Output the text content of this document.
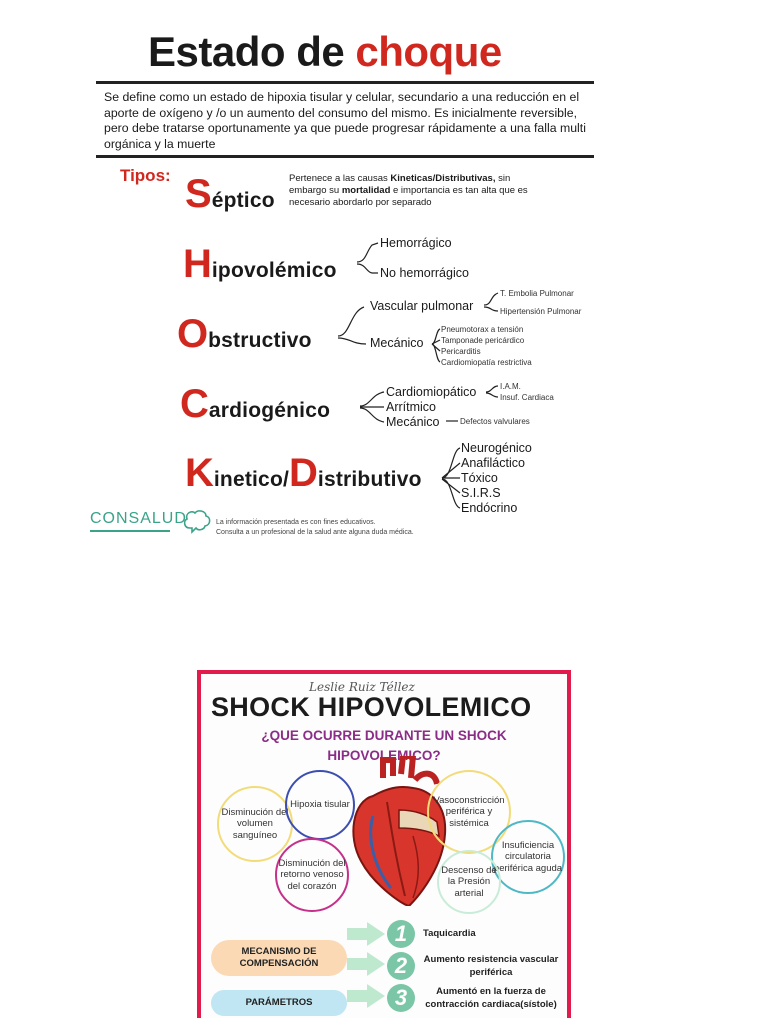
Estado de choque
Se define como un estado de hipoxia tisular y celular, secundario a una reducción en el aporte de oxígeno y /o un aumento del consumo del mismo. Es inicialmente reversible, pero debe tratarse oportunamente ya que puede progresar rápidamente a una falla multi orgánica y la muerte
Tipos: Séptico
Pertenece a las causas Kineticas/Distributivas, sin embargo su mortalidad e importancia es tan alta que es necesario abordarlo por separado
Hipovolémico
Hemorrágico
No hemorrágico
Obstructivo
Vascular pulmonar
T. Embolia Pulmonar
Hipertensión Pulmonar
Mecánico
Pneumotorax a tensión
Tamponade pericárdico
Pericarditis
Cardiomiopatía restrictiva
Cardiogénico
Cardiomiopático
Arrítmico
Mecánico
I.A.M.
Insuf. Cardiaca
Defectos valvulares
Kinetico/Distributivo
Neurogénico
Anafiláctico
Tóxico
S.I.R.S
Endócrino
CONSALUD	La información presentada es con fines educativos.
Consulta a un profesional de la salud ante alguna duda médica.
Leslie Ruiz Téllez
SHOCK HIPOVOLEMICO
¿QUE OCURRE DURANTE UN SHOCK
HIPOVOLEMICO?
Disminución del volumen sanguíneo
Hipoxia tisular
Disminución del retorno venoso del corazón
Vasoconstricción periférica y sistémica
Insuficiencia circulatoria periférica aguda
Descenso de la Presión arterial
MECANISMO DE COMPENSACIÓN
PARÁMETROS
1	Taquicardia
2	Aumento resistencia vascular periférica
3	Aumentó en la fuerza de contracción cardiaca(sístole)
